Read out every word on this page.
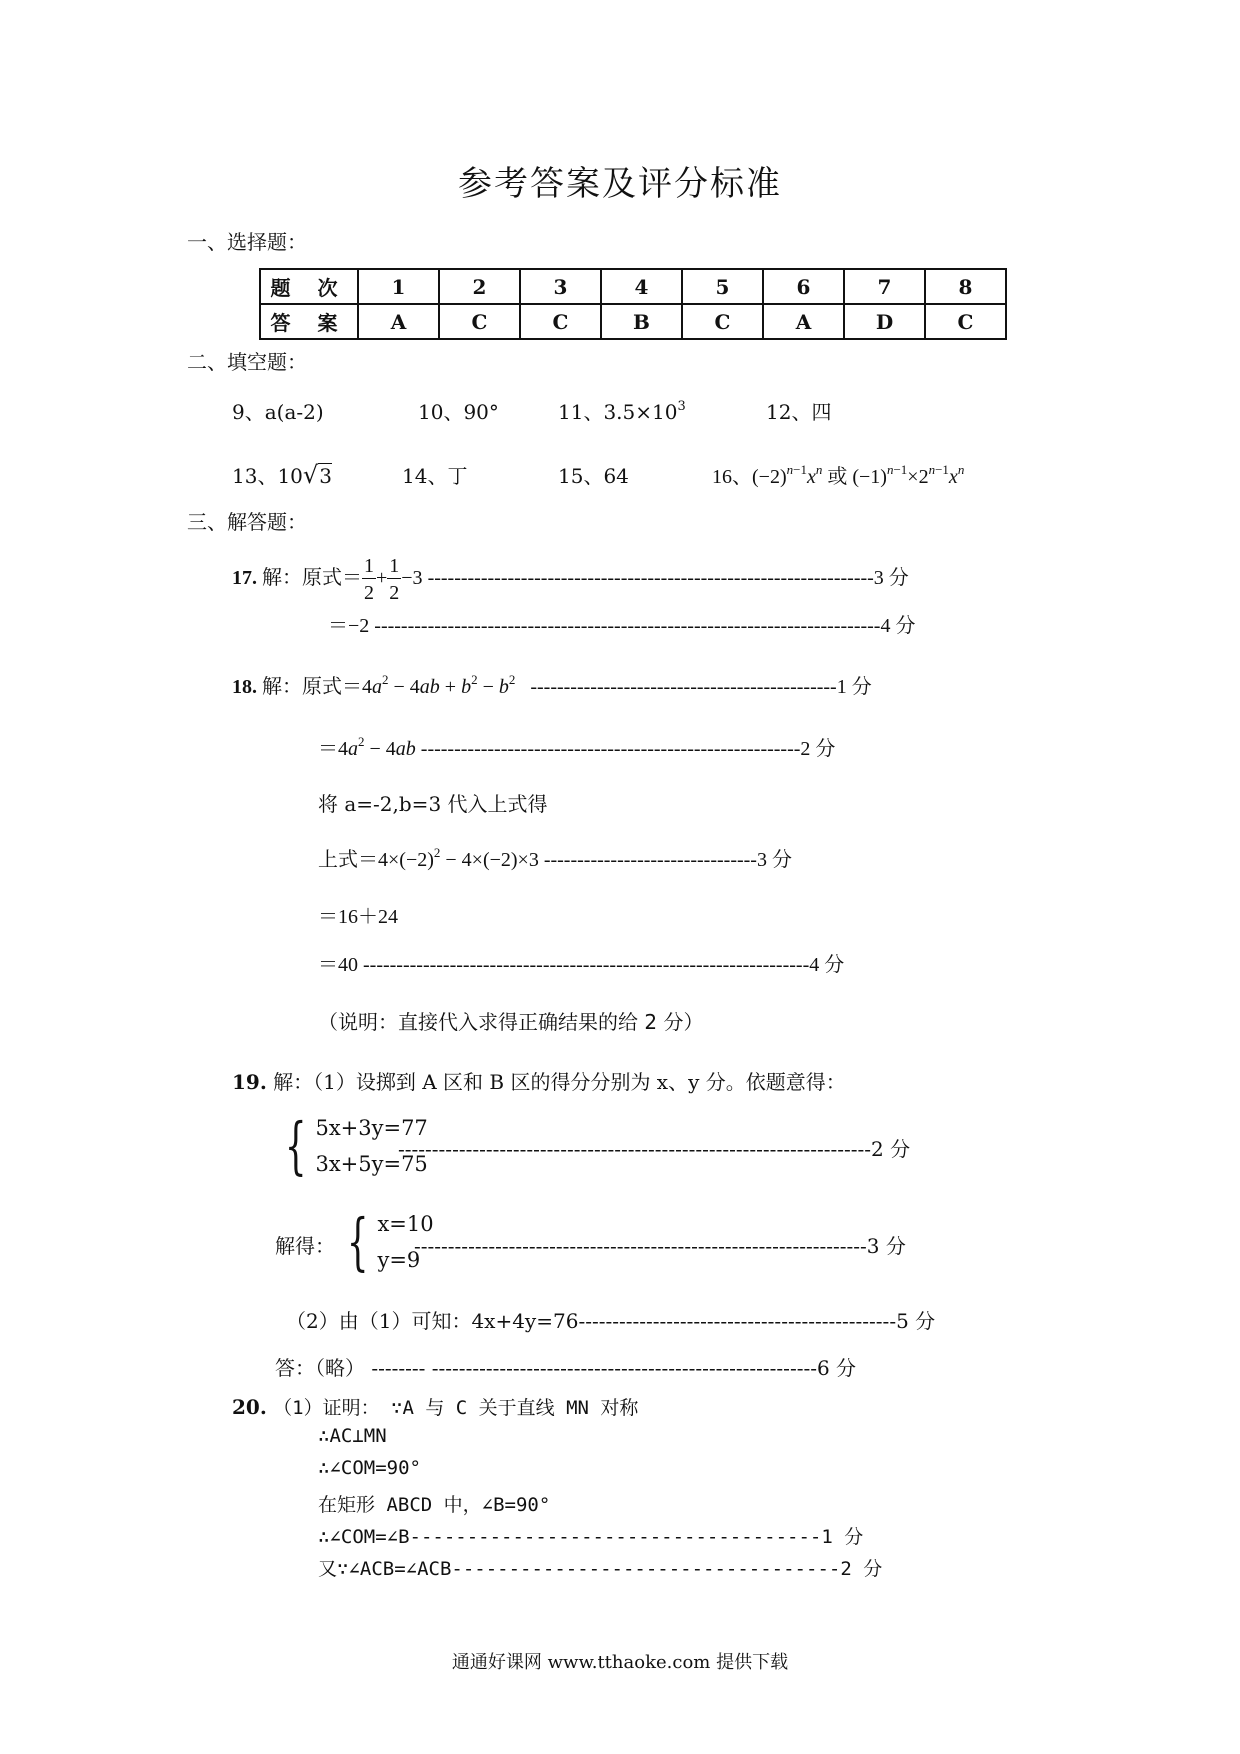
参考答案及评分标准
一、选择题：
题 次	1	2	3	4	5	6	7	8
答 案	A	C	C	B	C	A	D	C
二、填空题：
9、a(a-2)	10、90°	11、$3.5\times 10^3$	12、四
13、10√3	14、丁	15、64	16、$(-2)^{n-1}x^n$ 或 $(-1)^{n-1}\times 2^{n-1}x^n$
三、解答题：
17. 解：原式＝ $\frac{1}{2} + \frac{1}{2} -3$ -------------------------------------------------------------------3 分
＝−2 ----------------------------------------------------------------------------4 分
18. 解：原式$=4a^2 - 4ab + b^2 - b^2$ ----------------------------------------------1 分
$=4a^2 - 4ab$ ---------------------------------------------------------2 分
将 a=-2,b=3 代入上式得
上式$=4\times(-2)^2 - 4\times(-2)\times 3$ --------------------------------3 分
＝16＋24
＝40 -------------------------------------------------------------------4 分
（说明：直接代入求得正确结果的给 2 分）
19. 解：（1）设掷到 A 区和 B 区的得分分别为 x、y 分。依题意得：
{ 5x+3y=77
3x+5y=75
----------------------------------------------------------------------2 分
解得： { x=10
y=9
-------------------------------------------------------------------3 分
（2）由（1）可知：4x+4y=76-----------------------------------------------5 分
答：（略） -------- ---------------------------------------------------------6 分
20. （1）证明： ∵A 与 C 关于直线 MN 对称
∴AC⊥MN
∴∠COM=90°
在矩形 ABCD 中，∠B=90°
∴∠COM=∠B------------------------------------1 分
又∵∠ACB=∠ACB----------------------------------2 分
通通好课网 www.tthaoke.com 提供下载
